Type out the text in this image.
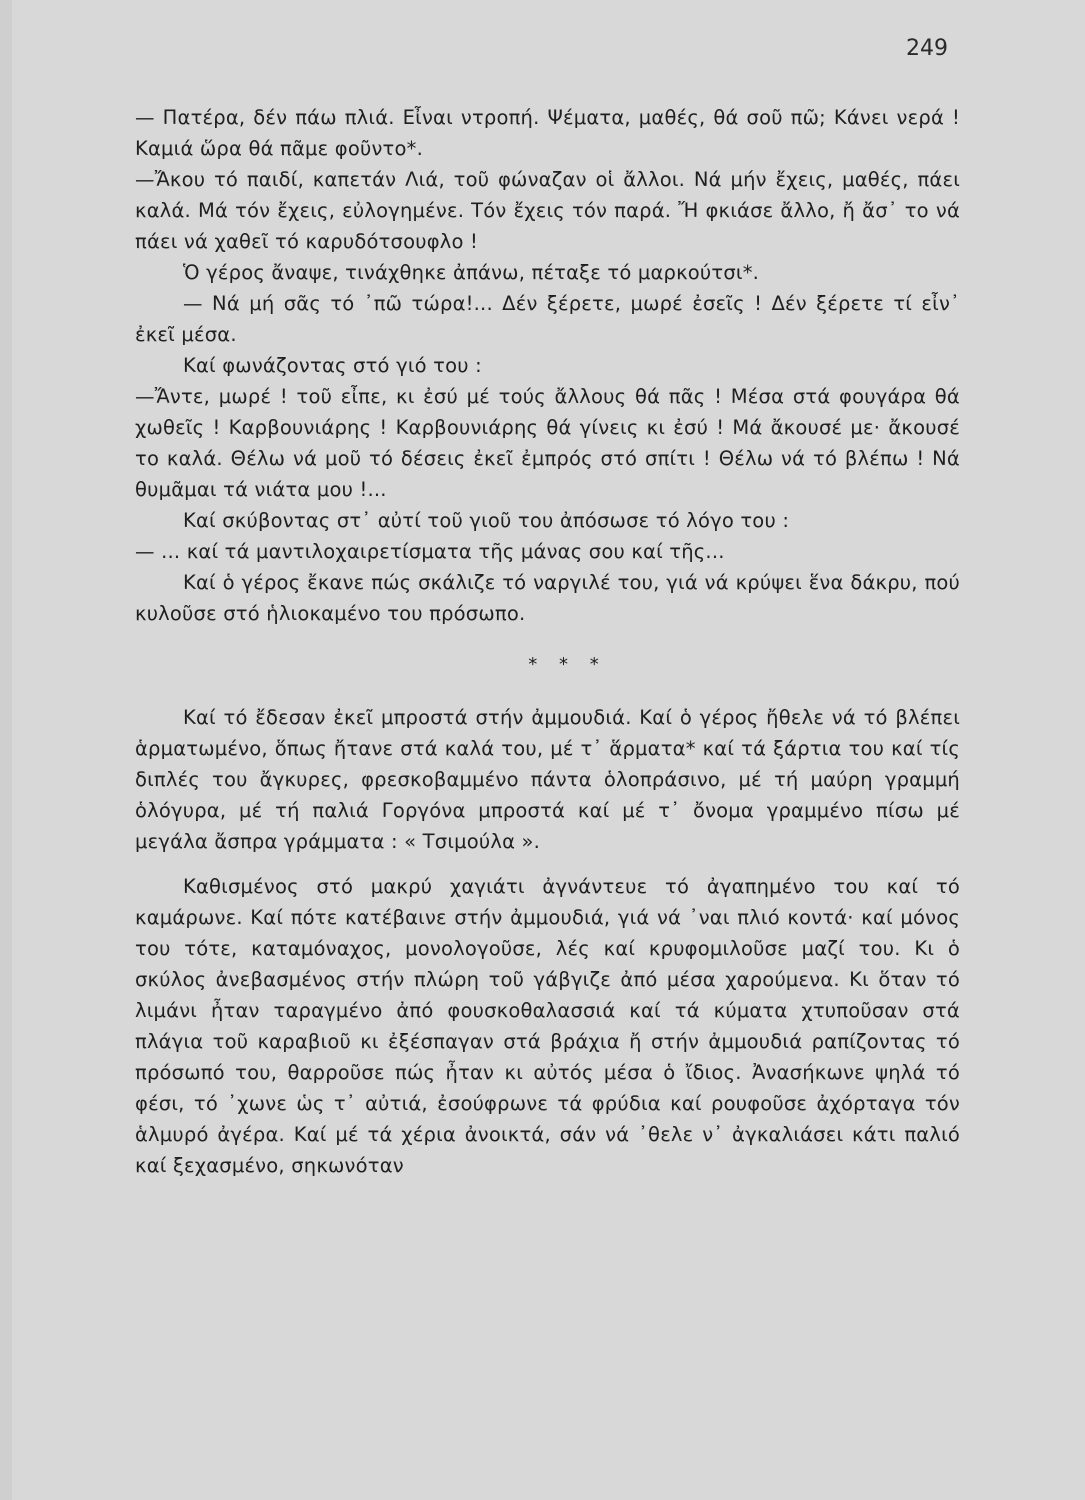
249

— Πατέρα, δέν πάω πλιά. Εἶναι ντροπή. Ψέματα, μαθές, θά σοῦ πῶ; Κάνει νερά ! Καμιά ὥρα θά πᾶμε φοῦντο*.

—Ἄκου τό παιδί, καπετάν Λιά, τοῦ φώναζαν οἱ ἄλλοι. Νά μήν ἔχεις, μαθές, πάει καλά. Μά τόν ἔχεις, εὐλογημένε. Τόν ἔχεις τόν παρά. Ἤ φκιάσε ἄλλο, ἤ ἄσ᾽ το νά πάει νά χαθεῖ τό καρυδότσουφλο !

Ὁ γέρος ἄναψε, τινάχθηκε ἀπάνω, πέταξε τό μαρκούτσι*.

— Νά μή σᾶς τό ᾽πῶ τώρα!... Δέν ξέρετε, μωρέ ἐσεῖς ! Δέν ξέρετε τί εἶν᾽ ἐκεῖ μέσα.

Καί φωνάζοντας στό γιό του :

—Ἄντε, μωρέ ! τοῦ εἶπε, κι ἐσύ μέ τούς ἄλλους θά πᾶς ! Μέσα στά φουγάρα θά χωθεῖς ! Καρβουνιάρης ! Καρβουνιάρης θά γίνεις κι ἐσύ ! Μά ἄκουσέ με· ἄκουσέ το καλά. Θέλω νά μοῦ τό δέσεις ἐκεῖ ἐμπρός στό σπίτι ! Θέλω νά τό βλέπω ! Νά θυμᾶμαι τά νιάτα μου !...

Καί σκύβοντας στ᾽ αὐτί τοῦ γιοῦ του ἀπόσωσε τό λόγο του :

— ... καί τά μαντιλοχαιρετίσματα τῆς μάνας σου καί τῆς...

Καί ὁ γέρος ἔκανε πώς σκάλιζε τό ναργιλέ του, γιά νά κρύψει ἕνα δάκρυ, πού κυλοῦσε στό ἡλιοκαμένο του πρόσωπο.

* * *

Καί τό ἔδεσαν ἐκεῖ μπροστά στήν ἀμμουδιά. Καί ὁ γέρος ἤθελε νά τό βλέπει ἁρματωμένο, ὅπως ἤτανε στά καλά του, μέ τ᾽ ἅρματα* καί τά ξάρτια του καί τίς διπλές του ἄγκυρες, φρεσκοβαμμένο πάντα ὁλοπράσινο, μέ τή μαύρη γραμμή ὁλόγυρα, μέ τή παλιά Γοργόνα μπροστά καί μέ τ᾽ ὄνομα γραμμένο πίσω μέ μεγάλα ἄσπρα γράμματα : « Τσιμούλα ».

Καθισμένος στό μακρύ χαγιάτι ἀγνάντευε τό ἀγαπημένο του καί τό καμάρωνε. Καί πότε κατέβαινε στήν ἀμμουδιά, γιά νά ᾽ναι πλιό κοντά· καί μόνος του τότε, καταμόναχος, μονολογοῦσε, λές καί κρυφομιλοῦσε μαζί του. Κι ὁ σκύλος ἀνεβασμένος στήν πλώρη τοῦ γάβγιζε ἀπό μέσα χαρούμενα. Κι ὅταν τό λιμάνι ἦταν ταραγμένο ἀπό φουσκοθαλασσιά καί τά κύματα χτυποῦσαν στά πλάγια τοῦ καραβιοῦ κι ἐξέσπαγαν στά βράχια ἤ στήν ἀμμουδιά ραπίζοντας τό πρόσωπό του, θαρροῦσε πώς ἦταν κι αὐτός μέσα ὁ ἴδιος. Ἀνασήκωνε ψηλά τό φέσι, τό ᾽χωνε ὡς τ᾽ αὐτιά, ἐσούφρωνε τά φρύδια καί ρουφοῦσε ἀχόρταγα τόν ἁλμυρό ἀγέρα. Καί μέ τά χέρια ἀνοικτά, σάν νά ᾽θελε ν᾽ ἀγκαλιάσει κάτι παλιό καί ξεχασμένο, σηκωνόταν
